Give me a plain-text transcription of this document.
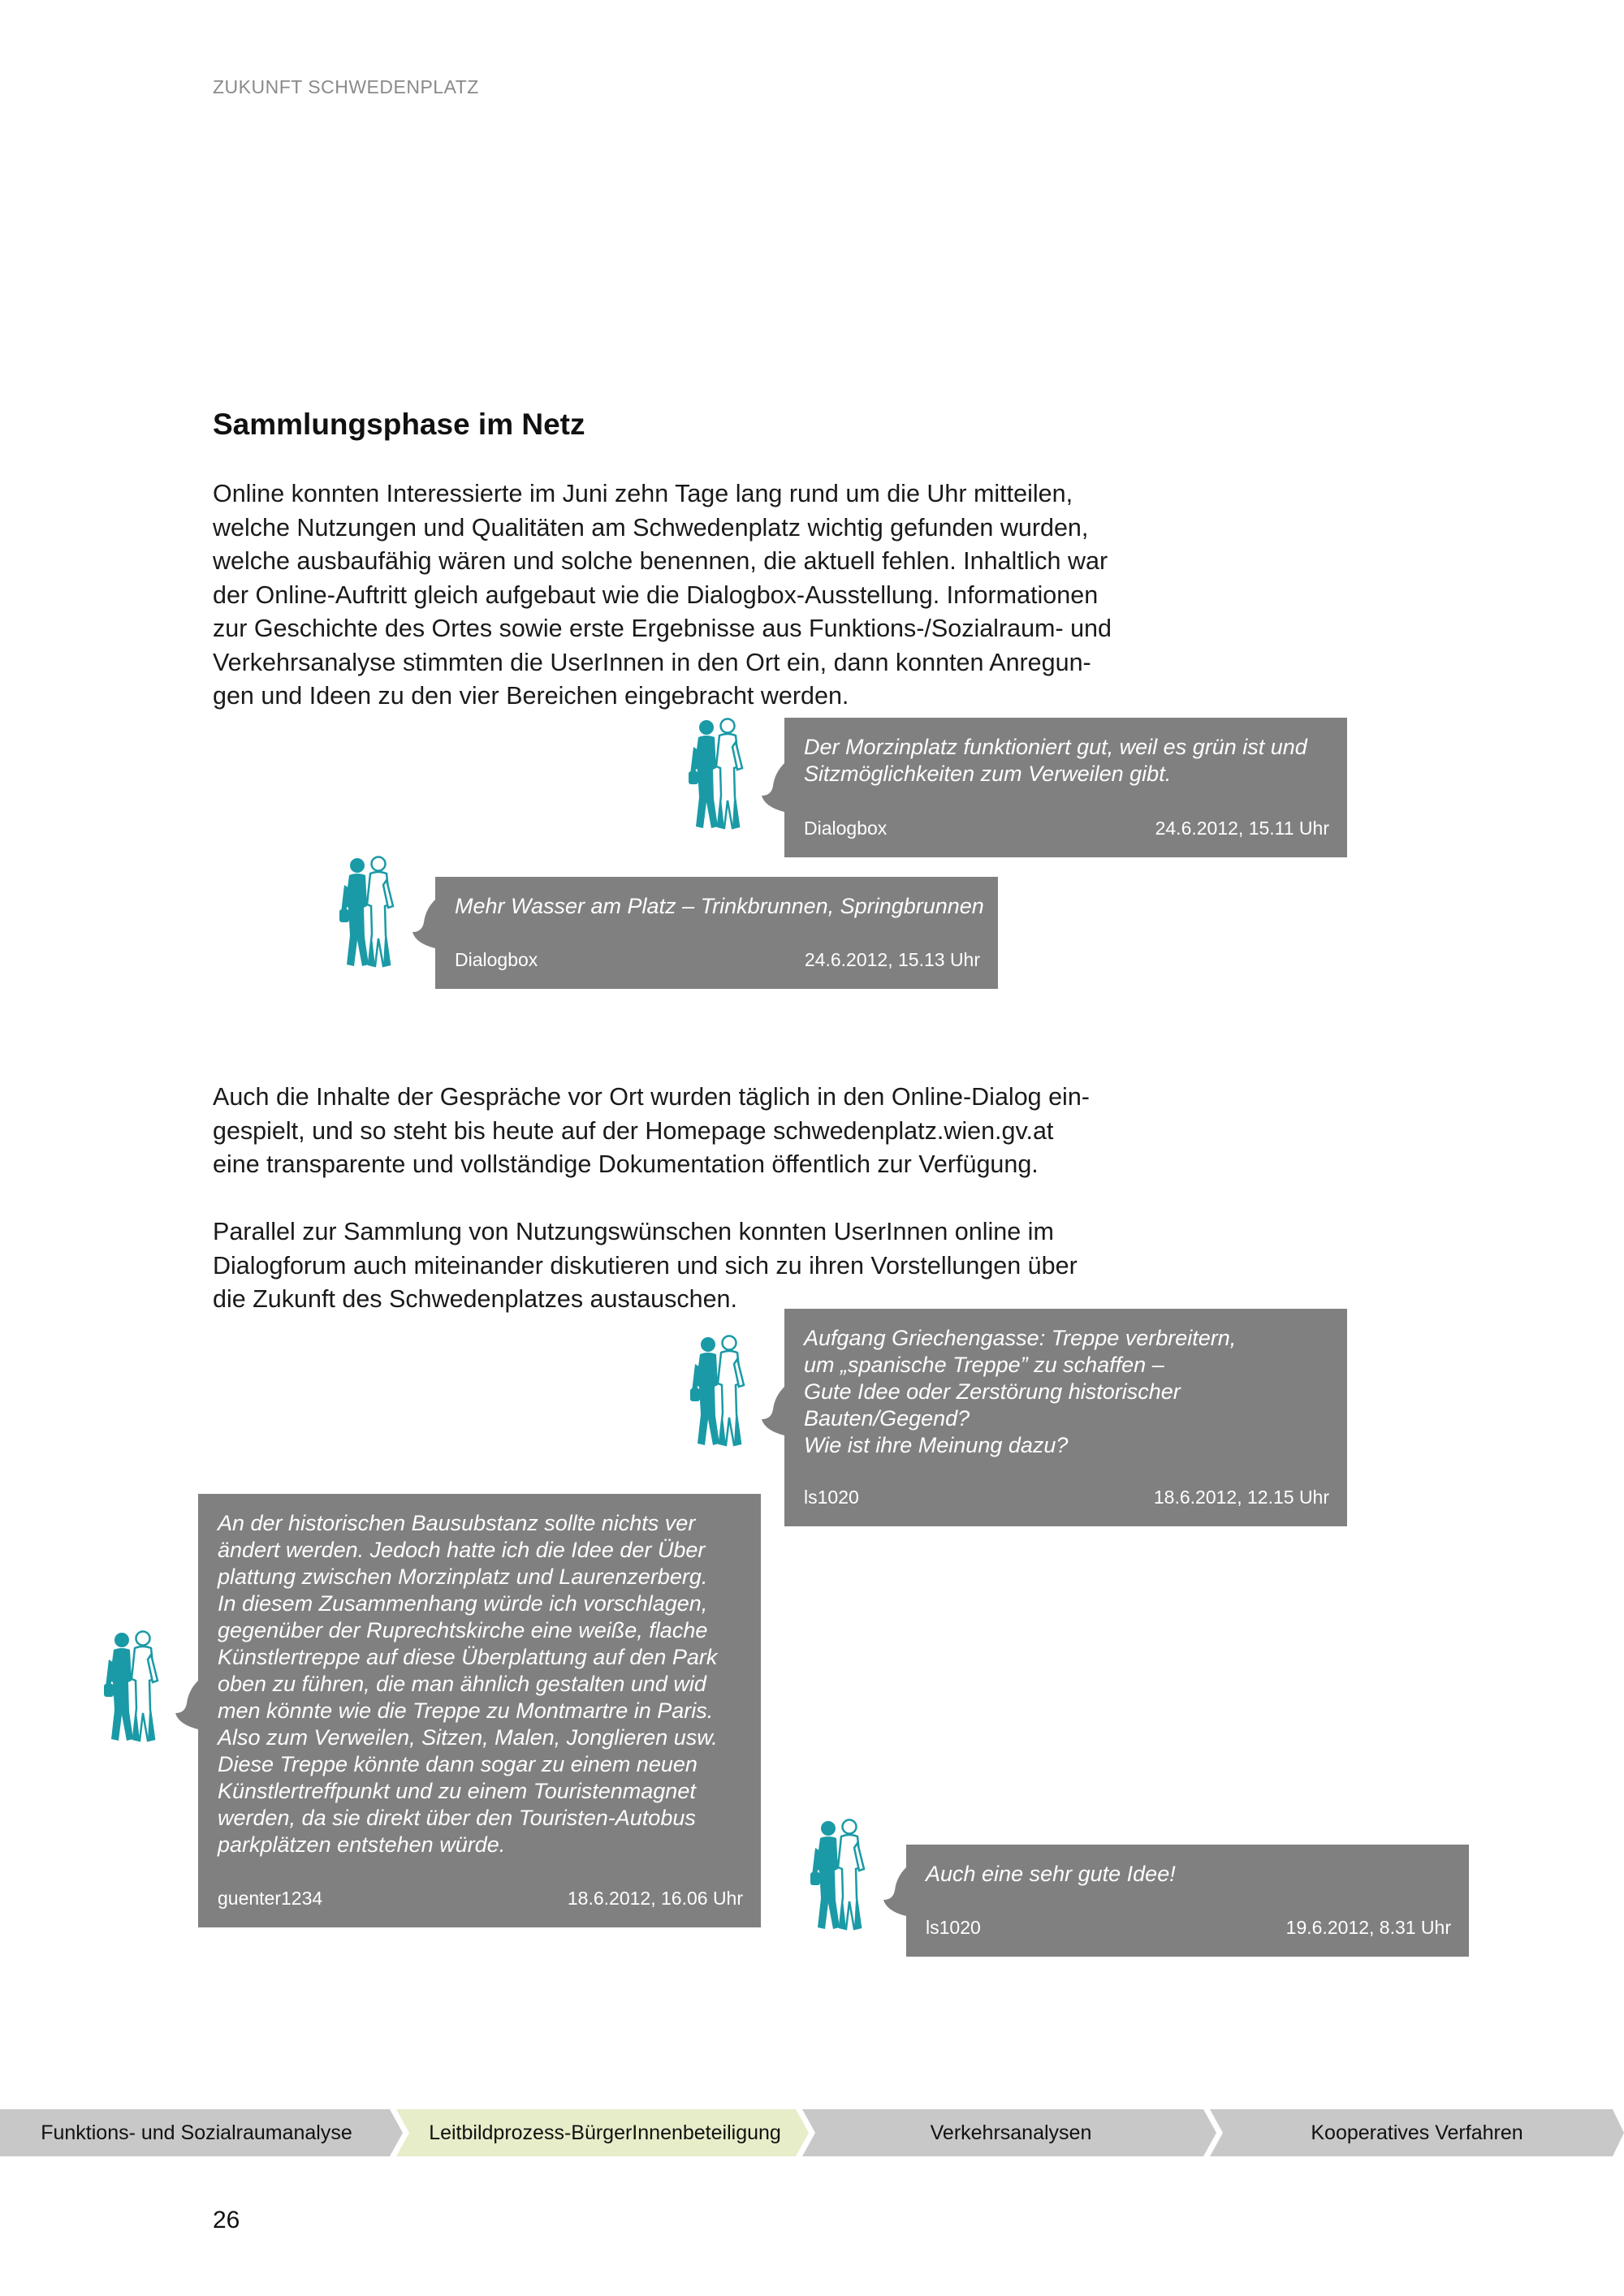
ZUKUNFT SCHWEDENPLATZ
Sammlungsphase im Netz

Online konnten Interessierte im Juni zehn Tage lang rund um die Uhr mitteilen,
welche Nutzungen und Qualitäten am Schwedenplatz wichtig gefunden wurden,
welche ausbaufähig wären und solche benennen, die aktuell fehlen. Inhaltlich war
der Online-Auftritt gleich aufgebaut wie die Dialogbox-Ausstellung. Informationen
zur Geschichte des Ortes sowie erste Ergebnisse aus Funktions-/Sozialraum- und
Verkehrsanalyse stimmten die UserInnen in den Ort ein, dann konnten Anregun-
gen und Ideen zu den vier Bereichen eingebracht werden.

Auch die Inhalte der Gespräche vor Ort wurden täglich in den Online-Dialog ein-
gespielt, und so steht bis heute auf der Homepage schwedenplatz.wien.gv.at
eine transparente und vollständige Dokumentation öffentlich zur Verfügung.

Parallel zur Sammlung von Nutzungswünschen konnten UserInnen online im
Dialogforum auch miteinander diskutieren und sich zu ihren Vorstellungen über
die Zukunft des Schwedenplatzes austauschen.

Der Morzinplatz funktioniert gut, weil es grün ist und
Sitzmöglichkeiten zum Verweilen gibt.

Dialogbox	24.6.2012, 15.11 Uhr

Mehr Wasser am Platz – Trinkbrunnen, Springbrunnen

Dialogbox	24.6.2012, 15.13 Uhr

Aufgang Griechengasse: Treppe verbreitern,
um „spanische Treppe” zu schaffen –
Gute Idee oder Zerstörung historischer
Bauten/Gegend?
Wie ist ihre Meinung dazu?

ls1020	18.6.2012, 12.15 Uhr

An der historischen Bausubstanz sollte nichts ver
ändert werden. Jedoch hatte ich die Idee der Über
plattung zwischen Morzinplatz und Laurenzerberg.
In diesem Zusammenhang würde ich vorschlagen,
gegenüber der Ruprechtskirche eine weiße, flache
Künstlertreppe auf diese Überplattung auf den Park
oben zu führen, die man ähnlich gestalten und wid
men könnte wie die Treppe zu Montmartre in Paris.
Also zum Verweilen, Sitzen, Malen, Jonglieren usw.
Diese Treppe könnte dann sogar zu einem neuen
Künstlertreffpunkt und zu einem Touristenmagnet
werden, da sie direkt über den Touristen-Autobus
parkplätzen entstehen würde.

guenter1234	18.6.2012, 16.06 Uhr

Auch eine sehr gute Idee!

ls1020	19.6.2012, 8.31 Uhr
Funktions- und Sozialraumanalyse	Leitbildprozess-BürgerInnenbeteiligung	Verkehrsanalysen	Kooperatives Verfahren
26
